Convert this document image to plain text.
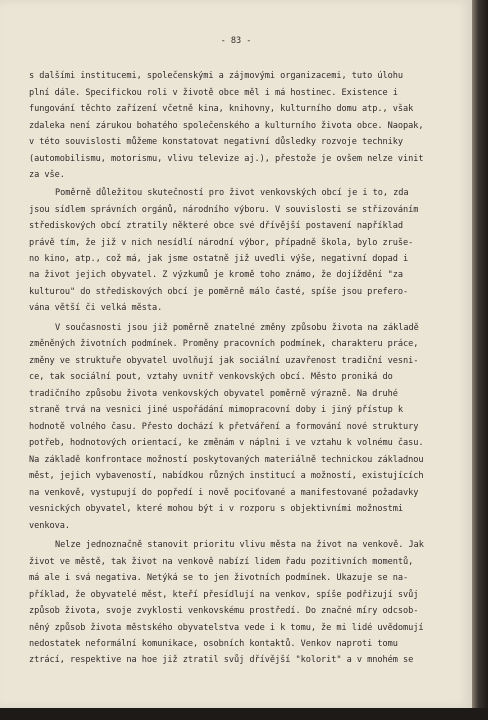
- 83 -
s dalšími institucemi, společenskými a zájmovými organizacemi, tuto úlohu
plní dále. Specifickou roli v životě obce měl i má hostinec. Existence i
fungování těchto zařízení včetně kina, knihovny, kulturního domu atp., však
zdaleka není zárukou bohatého společenského a kulturního života obce. Naopak,
v této souvislosti můžeme konstatovat negativní důsledky rozvoje techniky
(automobilismu, motorismu, vlivu televize aj.), přestože je ovšem nelze vinit
za vše.
Poměrně důležitou skutečností pro život venkovských obcí je i to, zda
jsou sídlem správních orgánů, národního výboru. V souvislosti se střizováním
střediskových obcí ztratily některé obce své dřívější postavení například
právě tím, že již v nich nesídlí národní výbor, případně škola, bylo zruše-
no kino, atp., což má, jak jsme ostatně již uvedli výše, negativní dopad i
na život jejich obyvatel. Z výzkumů je kromě toho známo, že dojíždění "za
kulturou" do střediskových obcí je poměrně málo časté, spíše jsou prefero-
vána větší či velká města.
V současnosti jsou již poměrně znatelné změny způsobu života na základě
změněných životních podmínek. Proměny pracovních podmínek, charakteru práce,
změny ve struktuře obyvatel uvolňují jak sociální uzavřenost tradiční vesni-
ce, tak sociální pout, vztahy uvnitř venkovských obcí. Město proniká do
tradičního způsobu života venkovských obyvatel poměrně výrazně. Na druhé
straně trvá na vesnici jiné uspořádání mimopracovní doby i jiný přístup k
hodnotě volného času. Přesto dochází k přetváření a formování nové struktury
potřeb, hodnotových orientací, ke změnám v náplni i ve vztahu k volnému času.
Na základě konfrontace možností poskytovaných materiálně technickou základnou
měst, jejich vybaveností, nabídkou různých institucí a možností, existujících
na venkově, vystupují do popředí i nově pociťované a manifestované požadavky
vesnických obyvatel, které mohou být i v rozporu s objektivními možnostmi
venkova.
Nelze jednoznačně stanovit prioritu vlivu města na život na venkově. Jak
život ve městě, tak život na venkově nabízí lidem řadu pozitivních momentů,
má ale i svá negativa. Netýká se to jen životních podmínek. Ukazuje se na-
příklad, že obyvatelé měst, kteří přesídlují na venkov, spíše podřizují svůj
způsob života, svoje zvyklosti venkovskému prostředí. Do značné míry odcsob-
něný způsob života městského obyvatelstva vede i k tomu, že mi lidé uvědomují
nedostatek neformální komunikace, osobních kontaktů. Venkov naproti tomu
ztrácí, respektive na hoe již ztratil svůj dřívější "kolorit" a v mnohém se
